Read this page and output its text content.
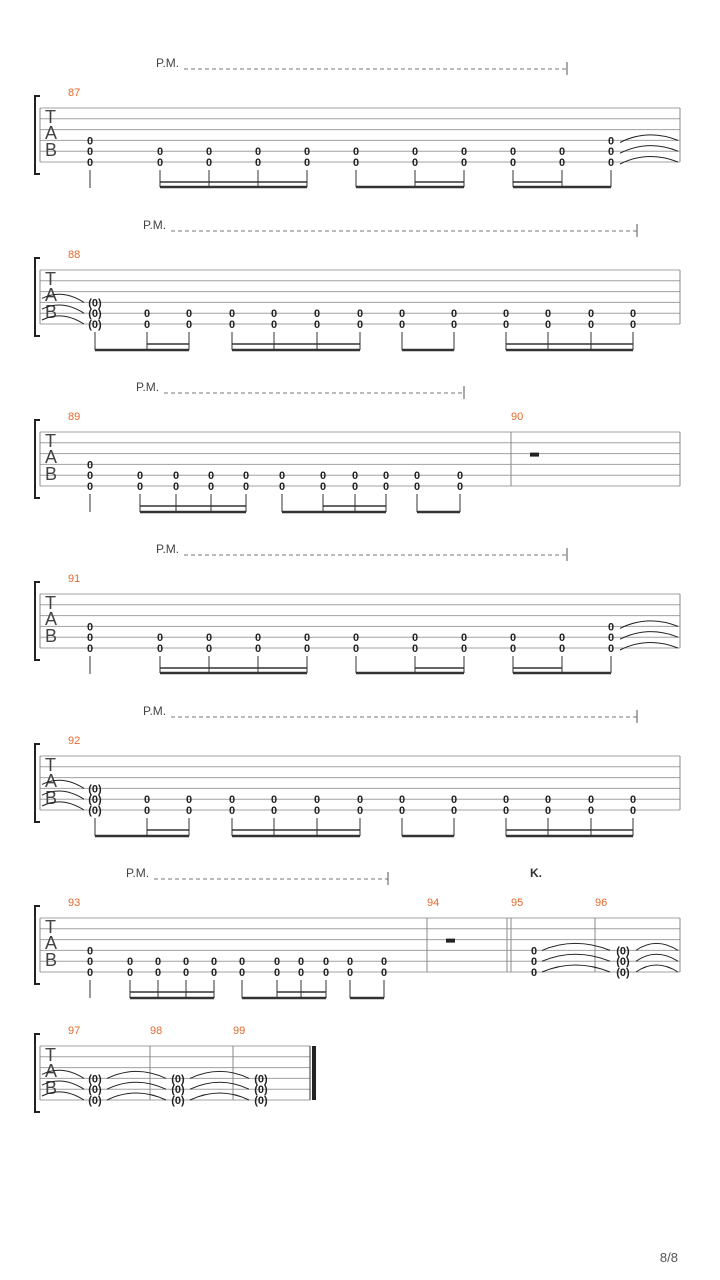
P.M.
T
A
B
87
0
0
0
0
0
0
0
0
0
0
0
0
0
0
0
0
0
0
0
0
0
0
0
0
P.M.
T
A
B
88
(0)
(0)
(0)
0
0
0
0
0
0
0
0
0
0
0
0
0
0
0
0
0
0
0
0
0
0
0
0
P.M.
T
A
B
89	90
0
0
0
0
0
0
0
0
0
0
0
0
0
0
0
0
0
0
0
0
0
0
0
P.M.
T
A
B
91
0
0
0
0
0
0
0
0
0
0
0
0
0
0
0
0
0
0
0
0
0
0
0
0
P.M.
T
A
B
92
(0)
(0)
(0)
0
0
0
0
0
0
0
0
0
0
0
0
0
0
0
0
0
0
0
0
0
0
0
0
P.M.
T
A
B
K.
93	94	95	96
0
0
0
0
0
0
0
0
0
0
0
0
0
0
0
0
0
0
0
0
0
0
0
0
0
0
(0)
(0)
(0)
T
A
B
97	98	99
(0)
(0)
(0)
(0)
(0)
(0)
(0)
(0)
(0)
8/8
